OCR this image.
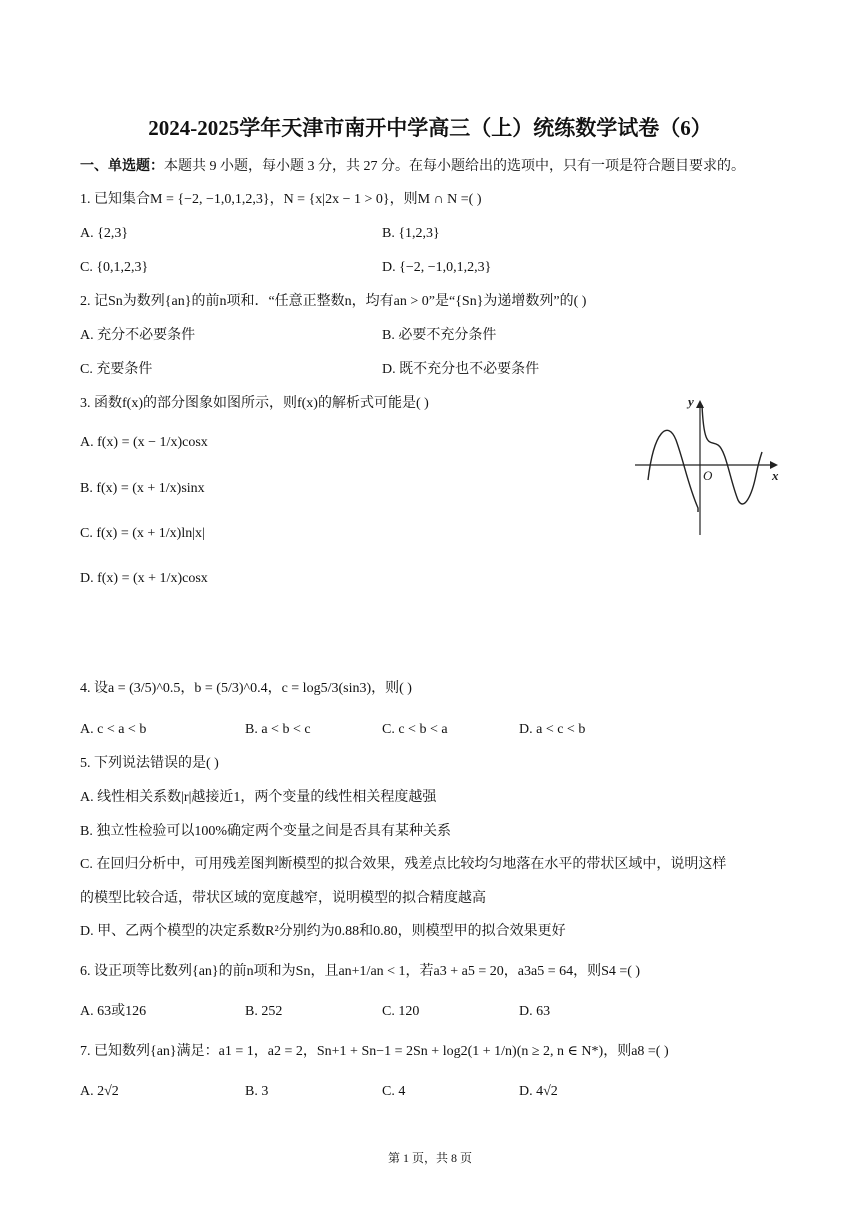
2024-2025学年天津市南开中学高三（上）统练数学试卷（6）
一、单选题：本题共 9 小题，每小题 3 分，共 27 分。在每小题给出的选项中，只有一项是符合题目要求的。
1. 已知集合M = {−2, −1,0,1,2,3}，N = {x|2x − 1 > 0}，则M ∩ N =( )
A. {2,3}	B. {1,2,3}
C. {0,1,2,3}	D. {−2, −1,0,1,2,3}
2. 记Sn为数列{an}的前n项和．“任意正整数n，均有an > 0”是“{Sn}为递增数列”的( )
A. 充分不必要条件	B. 必要不充分条件
C. 充要条件	D. 既不充分也不必要条件
3. 函数f(x)的部分图象如图所示，则f(x)的解析式可能是( )
A. f(x) = (x − 1/x)cosx
B. f(x) = (x + 1/x)sinx
C. f(x) = (x + 1/x)ln|x|
D. f(x) = (x + 1/x)cosx
y
x
O
4. 设a = (3/5)^0.5，b = (5/3)^0.4，c = log5/3(sin3)，则( )
A. c < a < b	B. a < b < c	C. c < b < a	D. a < c < b
5. 下列说法错误的是( )
A. 线性相关系数|r|越接近1，两个变量的线性相关程度越强
B. 独立性检验可以100%确定两个变量之间是否具有某种关系
C. 在回归分析中，可用残差图判断模型的拟合效果，残差点比较均匀地落在水平的带状区域中，说明这样
的模型比较合适，带状区域的宽度越窄，说明模型的拟合精度越高
D. 甲、乙两个模型的决定系数R²分别约为0.88和0.80，则模型甲的拟合效果更好
6. 设正项等比数列{an}的前n项和为Sn，且an+1/an < 1，若a3 + a5 = 20，a3a5 = 64，则S4 =( )
A. 63或126	B. 252	C. 120	D. 63
7. 已知数列{an}满足：a1 = 1，a2 = 2，Sn+1 + Sn−1 = 2Sn + log2(1 + 1/n)(n ≥ 2, n ∈ N*)，则a8 =( )
A. 2√2	B. 3	C. 4	D. 4√2
第 1 页，共 8 页
